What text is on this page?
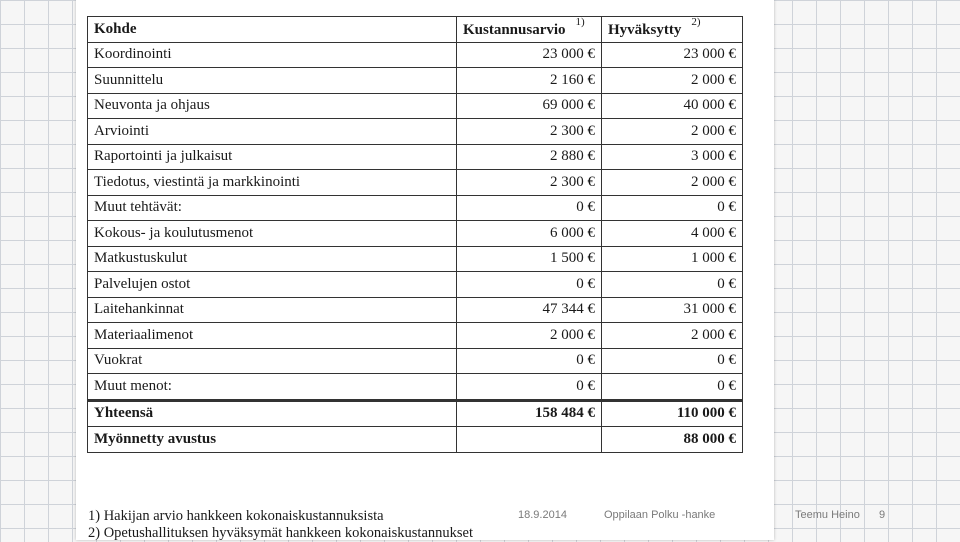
Kohde	Kustannusarvio $^{1)}$	Hyväksytty $^{2)}$
Koordinointi	23 000 €	23 000 €
Suunnittelu	2 160 €	2 000 €
Neuvonta ja ohjaus	69 000 €	40 000 €
Arviointi	2 300 €	2 000 €
Raportointi ja julkaisut	2 880 €	3 000 €
Tiedotus, viestintä ja markkinointi	2 300 €	2 000 €
Muut tehtävät:	0 €	0 €
Kokous- ja koulutusmenot	6 000 €	4 000 €
Matkustuskulut	1 500 €	1 000 €
Palvelujen ostot	0 €	0 €
Laitehankinnat	47 344 €	31 000 €
Materiaalimenot	2 000 €	2 000 €
Vuokrat	0 €	0 €
Muut menot:	0 €	0 €
Yhteensä	158 484 €	110 000 €
Myönnetty avustus		88 000 €
1) Hakijan arvio hankkeen kokonaiskustannuksista
2) Opetushallituksen hyväksymät hankkeen kokonaiskustannukset
18.9.2014	Oppilaan Polku -hanke	Teemu Heino 9
